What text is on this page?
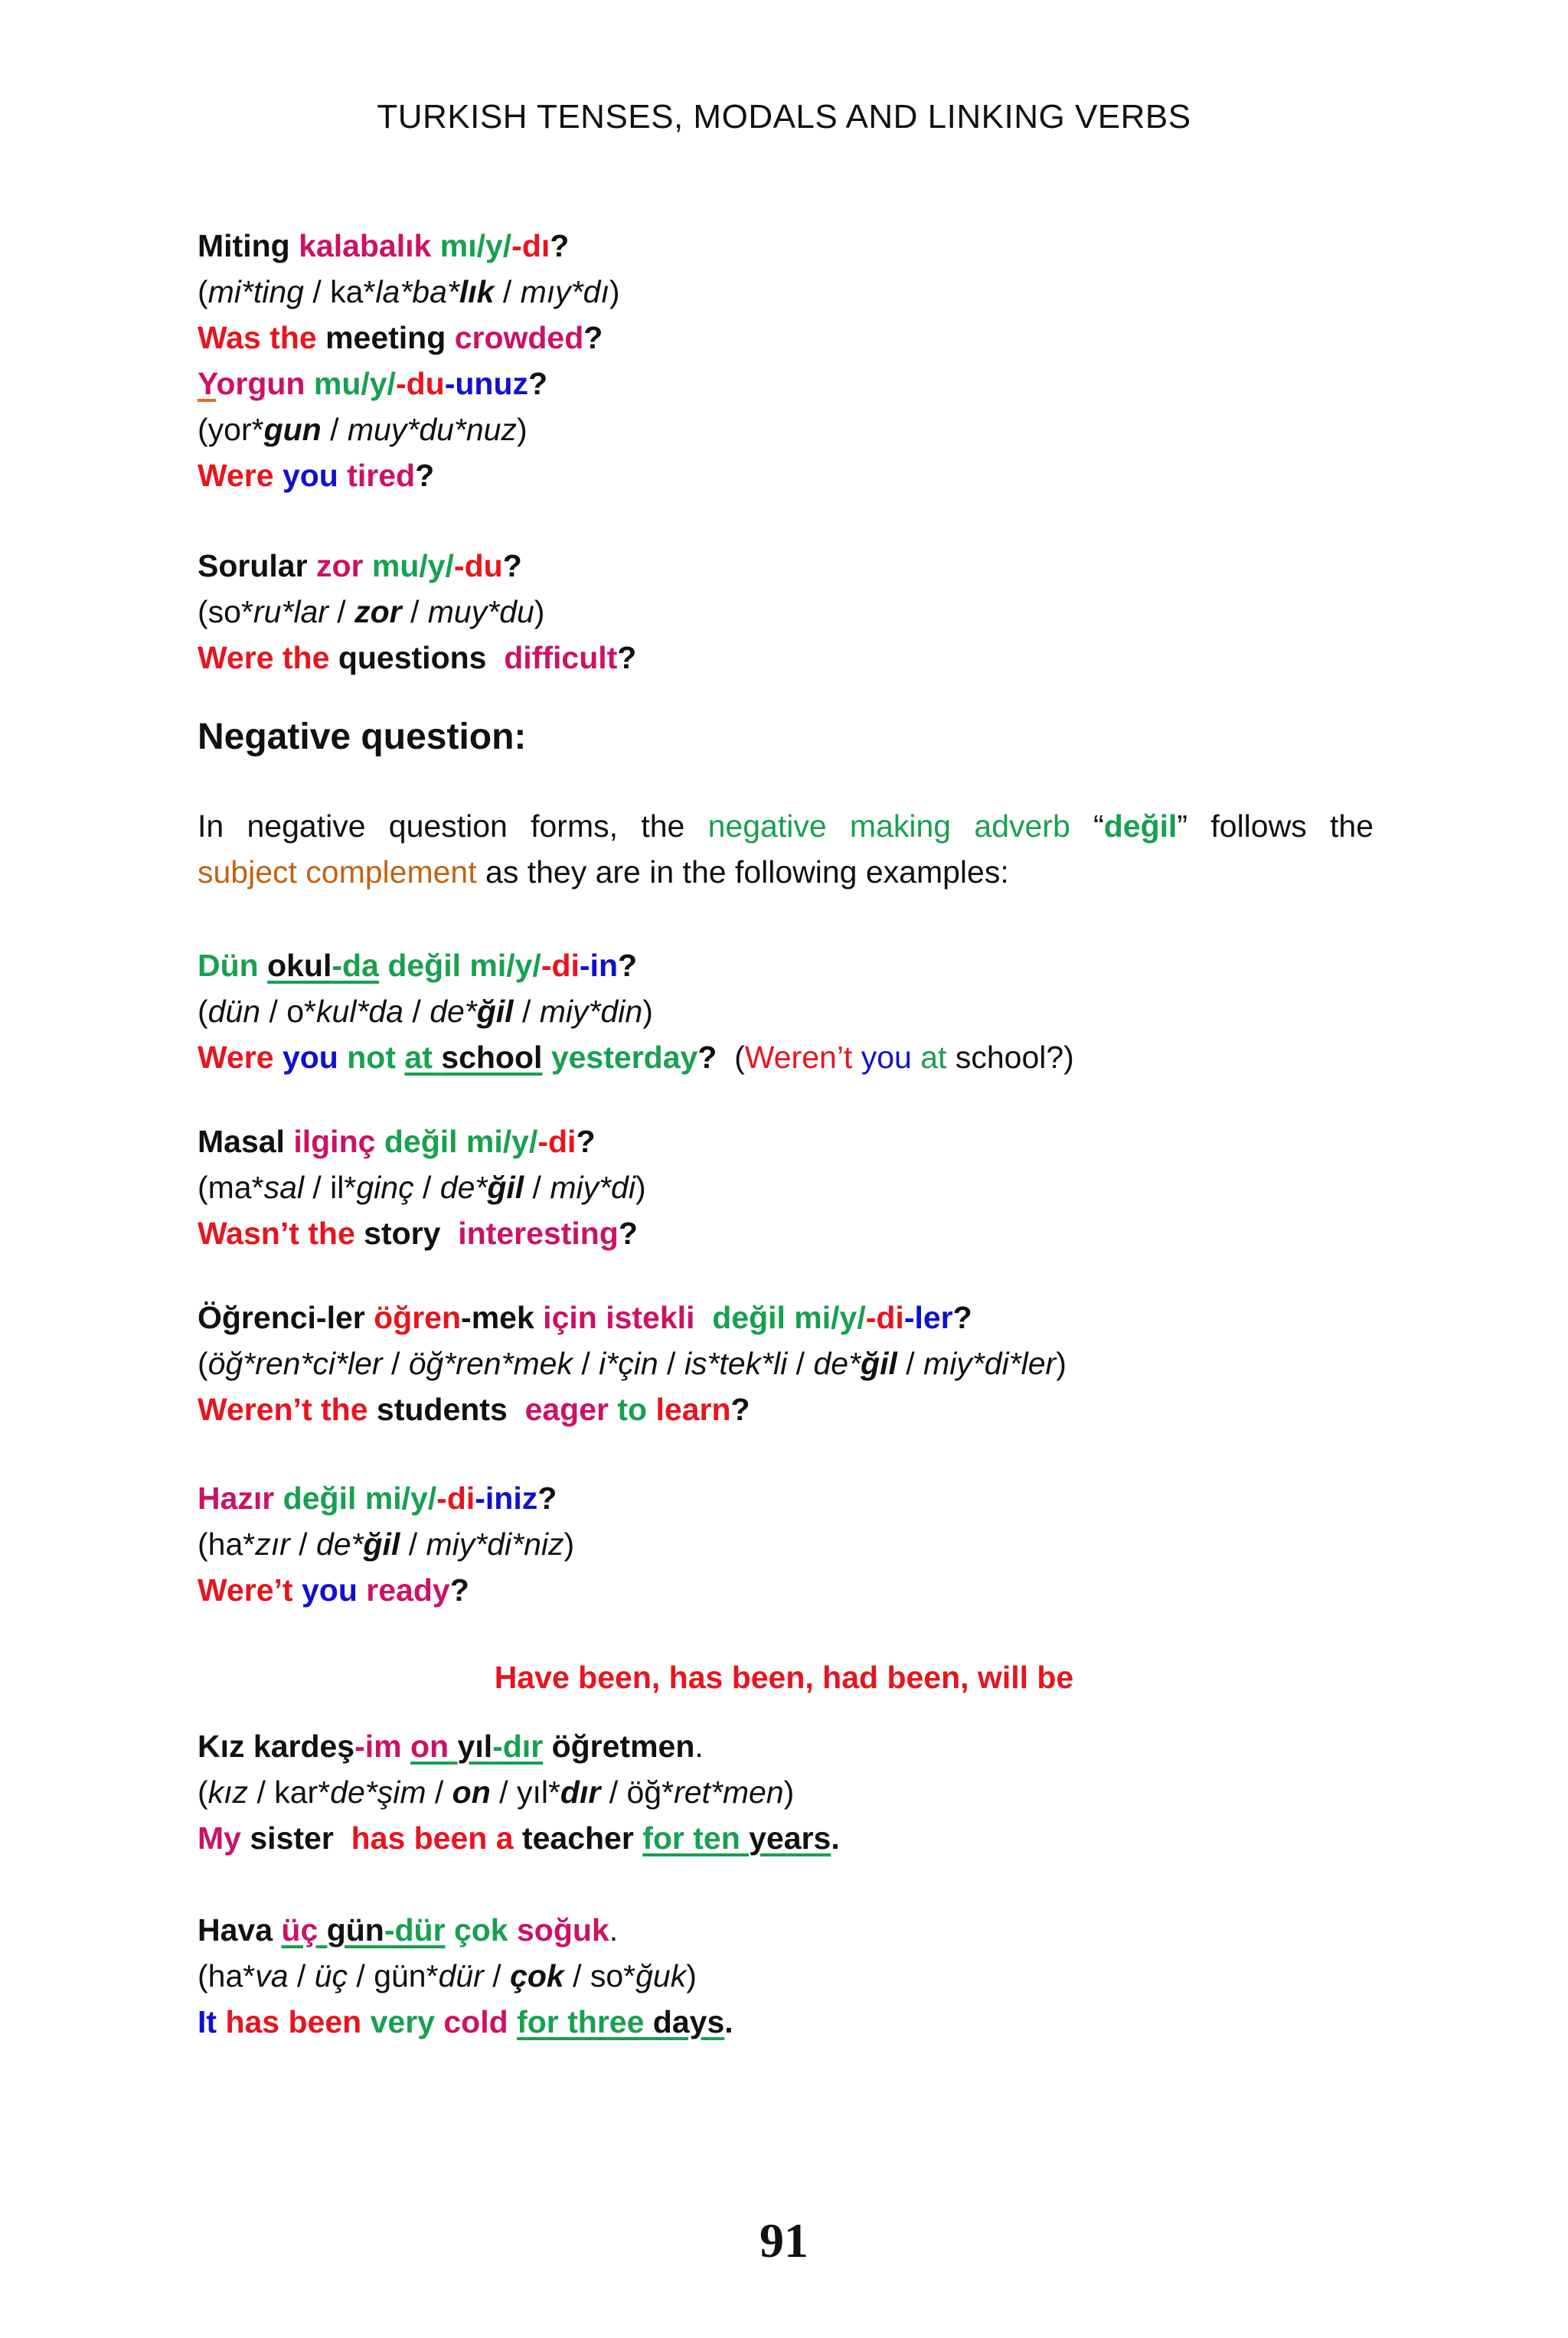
TURKISH TENSES, MODALS AND LINKING VERBS
Miting kalabalık mı/y/-dı?
(mi*ting / ka*la*ba*lık / mıy*dı)
Was the meeting crowded?
Yorgun mu/y/-du-unuz?
(yor*gun / muy*du*nuz)
Were you tired?
Sorular zor mu/y/-du?
(so*ru*lar / zor / muy*du)
Were the questions difficult?
Negative question:
In negative question forms, the negative making adverb “değil” follows the
subject complement as they are in the following examples:
Dün okul-da değil mi/y/-di-in?
(dün / o*kul*da / de*ğil / miy*din)
Were you not at school yesterday? (Weren’t you at school?)
Masal ilginç değil mi/y/-di?
(ma*sal / il*ginç / de*ğil / miy*di)
Wasn’t the story interesting?
Öğrenci-ler öğren-mek için istekli değil mi/y/-di-ler?
(öğ*ren*ci*ler / öğ*ren*mek / i*çin / is*tek*li / de*ğil / miy*di*ler)
Weren’t the students eager to learn?
Hazır değil mi/y/-di-iniz?
(ha*zır / de*ğil / miy*di*niz)
Were’t you ready?
Have been, has been, had been, will be
Kız kardeş-im on yıl-dır öğretmen.
(kız / kar*de*şim / on / yıl*dır / öğ*ret*men)
My sister has been a teacher for ten years.
Hava üç gün-dür çok soğuk.
(ha*va / üç / gün*dür / çok / so*ğuk)
It has been very cold for three days.
91
